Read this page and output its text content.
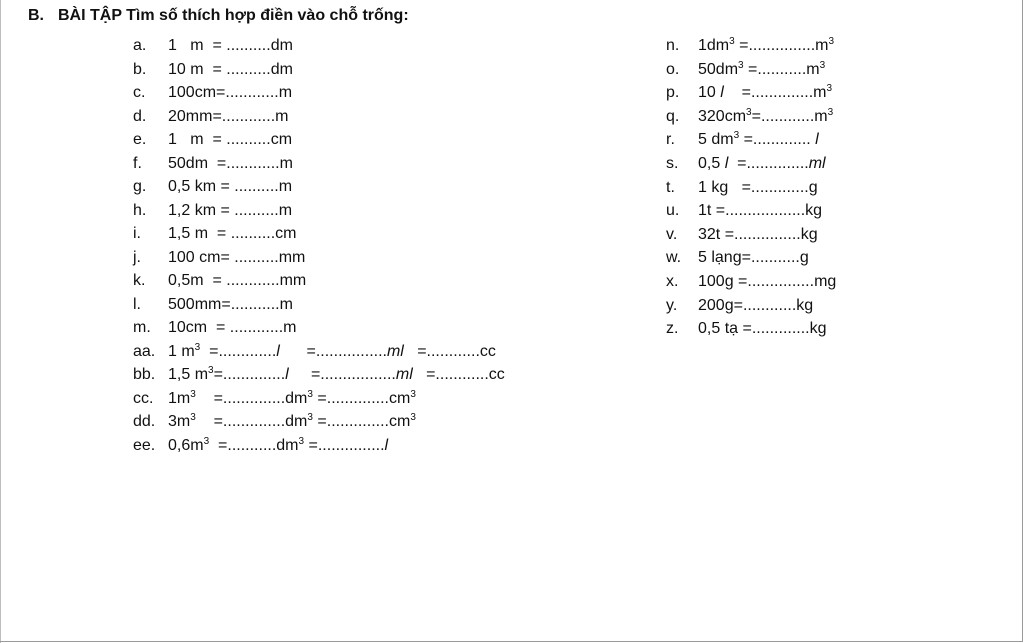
B. BÀI TẬP Tìm số thích hợp điền vào chỗ trống:
a. 1   m  = ..........dm
b. 10 m  = ..........dm
c. 100cm=............m
d. 20mm=............m
e. 1   m  = ..........cm
f. 50dm  =............m
g. 0,5 km = ..........m
h. 1,2 km = ..........m
i. 1,5 m  = ..........cm
j. 100 cm= ..........mm
k. 0,5m  = ............mm
l. 500mm=...........m
m. 10cm  = ............m
aa. 1 $m^3 =.............l$      =................ml   =............cc
bb. 1,5 $m^3=..............l$     =.................ml   =............cc
cc. $1m^3$    $=..............dm^3 =..............cm^3$
dd. $3m^3$    $=..............dm^3 =..............cm^3$
ee. $0,6m^3 =...........dm^3 =...............l$
n. $1dm^3 =...............m^3$
o. $50dm^3 =...........m^3$
p. 10 l    $=..............m^3$
q. $320cm^3=............m^3$
r. 5 $dm^3$ =............. l
s. 0,5 l  =..............ml
t. 1 kg   =.............g
u. 1t =..................kg
v. 32t =...............kg
w. 5 lạng=...........g
x. 100g =...............mg
y. 200g=............kg
z. 0,5 tạ =.............kg
